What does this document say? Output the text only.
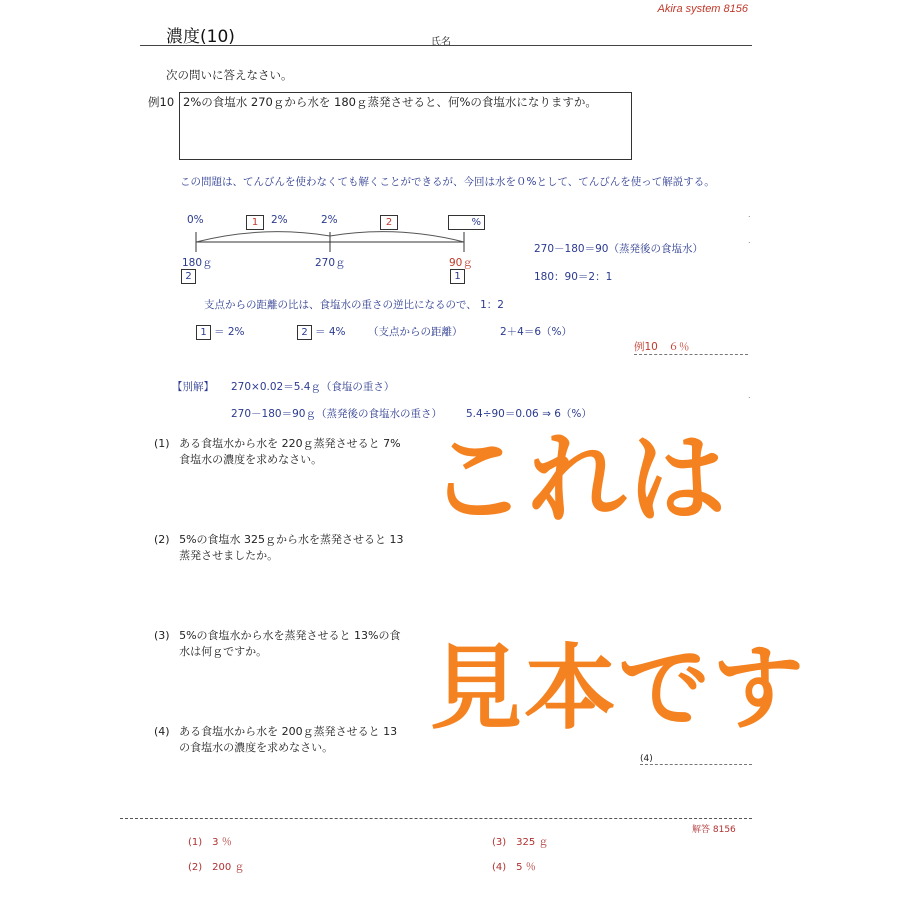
Akira system 8156
濃度(10)	氏名
次の問いに答えなさい。
例10 2%の食塩水 270ｇから水を 180ｇ蒸発させると、何%の食塩水になりますか。
この問題は、てんびんを使わなくても解くことができるが、今回は水を０%として、てんびんを使って解説する。
0%	1	2%	2%	2	%
180ｇ	270ｇ	90ｇ
2	1
270－180＝90（蒸発後の食塩水）
180：90＝2：1
支点からの距離の比は、食塩水の重さの逆比になるので、 1：2
1 ＝ 2%	2 ＝ 4% （支点からの距離）	2＋4＝6（%）
例10　６％
【別解】 270×0.02＝5.4ｇ（食塩の重さ）
270－180＝90ｇ（蒸発後の食塩水の重さ） 5.4÷90＝0.06 ⇒ 6（%）
(1) ある食塩水から水を 220ｇ蒸発させると 7%
食塩水の濃度を求めなさい。
(2) 5%の食塩水 325ｇから水を蒸発させると 13
蒸発させましたか。
(3) 5%の食塩水から水を蒸発させると 13%の食
水は何ｇですか。
(4) ある食塩水から水を 200ｇ蒸発させると 13
の食塩水の濃度を求めなさい。
(4)
.
.
.
これは
見本です
解答 8156
(1)　3 ％
(2)　200 ｇ
(3)　325 ｇ
(4)　5 ％
